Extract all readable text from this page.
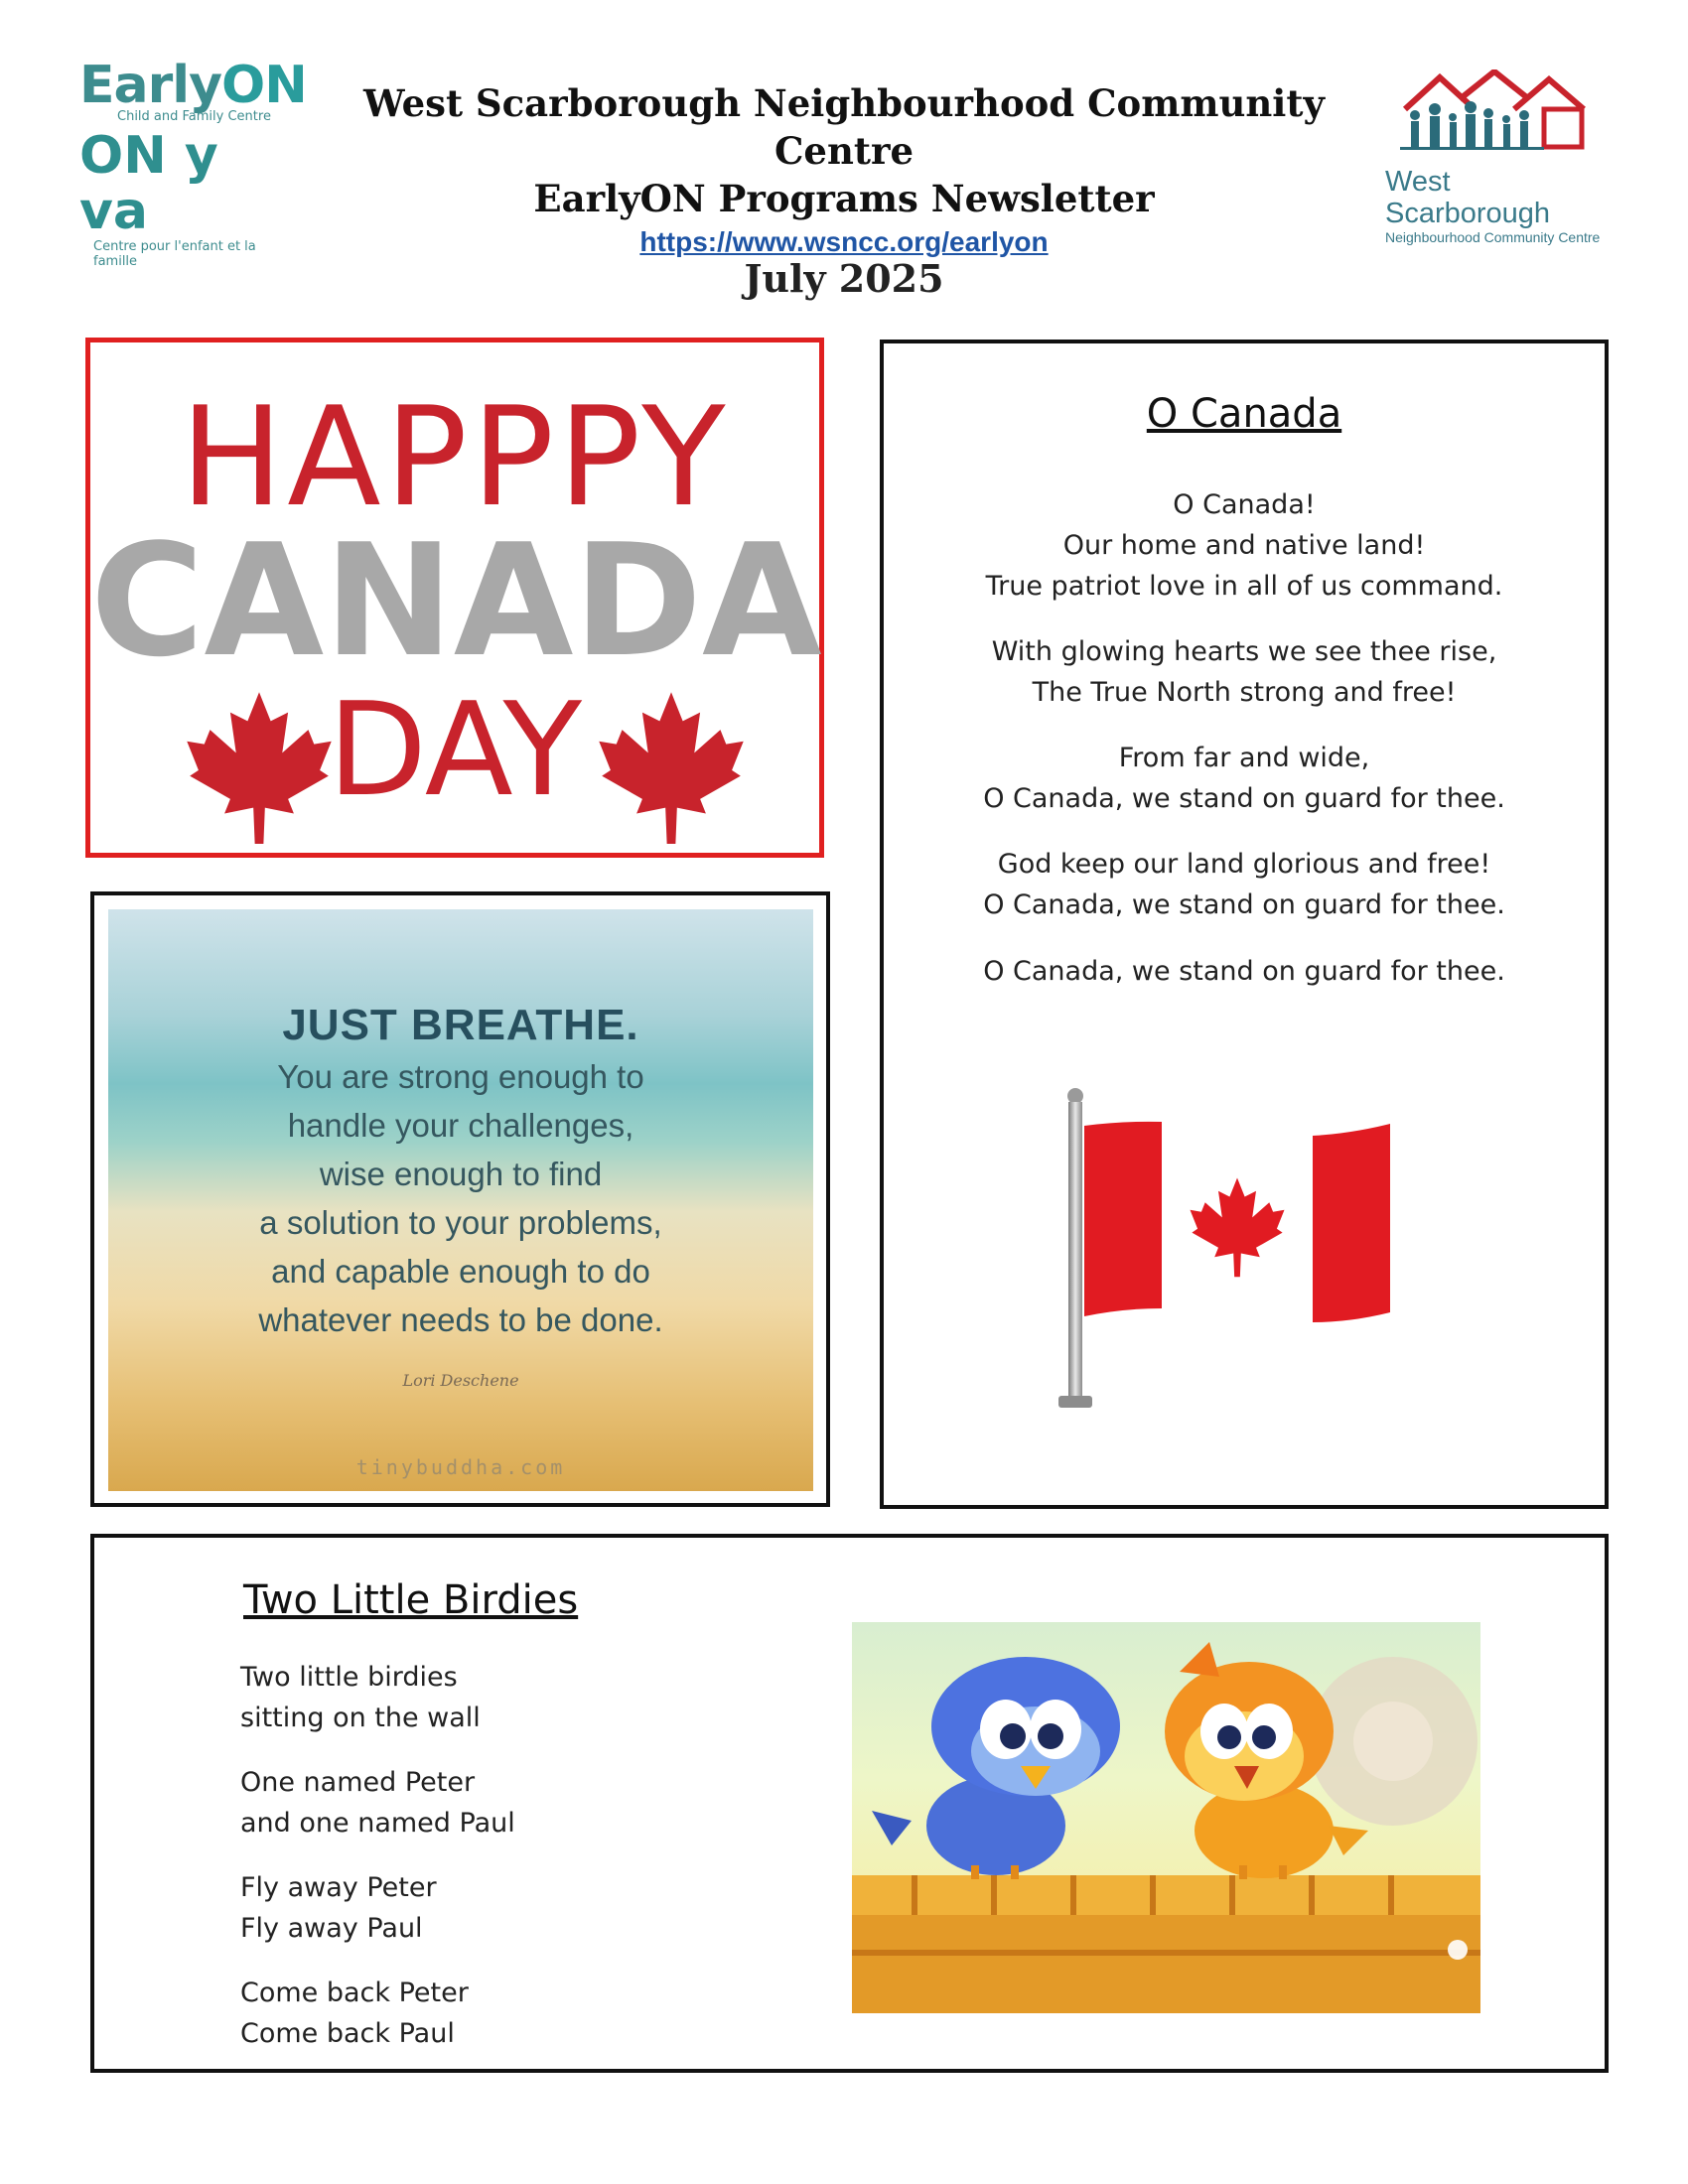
EarlyON
Child and Family Centre
ON y va
Centre pour l'enfant et la famille
West Scarborough Neighbourhood Community Centre
EarlyON Programs Newsletter
https://www.wsncc.org/earlyon
West Scarborough
Neighbourhood Community Centre
July 2025
HAPPPY
CANADA
DAY
JUST BREATHE.
You are strong enough to
handle your challenges,
wise enough to find
a solution to your problems,
and capable enough to do
whatever needs to be done.
Lori Deschene
tinybuddha.com
O Canada
O Canada!
Our home and native land!
True patriot love in all of us command.
With glowing hearts we see thee rise,
The True North strong and free!
From far and wide,
O Canada, we stand on guard for thee.
God keep our land glorious and free!
O Canada, we stand on guard for thee.
O Canada, we stand on guard for thee.
Two Little Birdies
Two little birdies
sitting on the wall
One named Peter
and one named Paul
Fly away Peter
Fly away Paul
Come back Peter
Come back Paul
